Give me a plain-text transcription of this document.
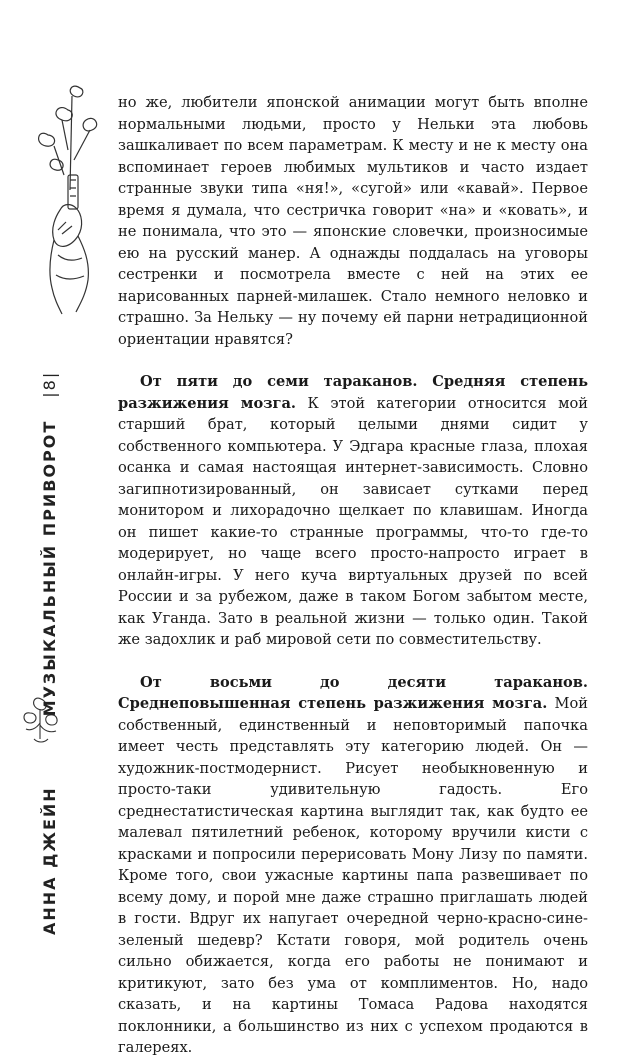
АННА ДЖЕЙНМУЗЫКАЛЬНЫЙ ПРИВОРОТ|8|

но же, любители японской анимации могут быть вполне нормальными людьми, просто у Нельки эта любовь зашкаливает по всем параметрам. К месту и не к месту она вспоминает героев любимых мультиков и часто издает странные звуки типа «ня!», «сугой» или «кавай». Первое время я думала, что сестричка говорит «на» и «ковать», и не понимала, что это — японские словечки, произносимые ею на русский манер. А однажды поддалась на уговоры сестренки и посмотрела вместе с ней на этих ее нарисованных парней-милашек. Стало немного неловко и страшно. За Нельку — ну почему ей парни нетрадиционной ориентации нравятся?

От пяти до семи тараканов. Средняя степень разжижения мозга. К этой категории относится мой старший брат, который целыми днями сидит у собственного компьютера. У Эдгара красные глаза, плохая осанка и самая настоящая интернет-зависимость. Словно загипнотизированный, он зависает сутками перед монитором и лихорадочно щелкает по клавишам. Иногда он пишет какие-то странные программы, что-то где-то модерирует, но чаще всего просто-напросто играет в онлайн-игры. У него куча виртуальных друзей по всей России и за рубежом, даже в таком Богом забытом месте, как Уганда. Зато в реальной жизни — только один. Такой же задохлик и раб мировой сети по совместительству.

От восьми до десяти тараканов. Среднеповышенная степень разжижения мозга. Мой собственный, единственный и неповторимый папочка имеет честь представлять эту категорию людей. Он — художник-постмодернист. Рисует необыкновенную и просто-таки удивительную гадость. Его среднестатистическая картина выглядит так, как будто ее малевал пятилетний ребенок, которому вручили кисти с красками и попросили перерисовать Мону Лизу по памяти. Кроме того, свои ужасные картины папа развешивает по всему дому, и порой мне даже страшно приглашать людей в гости. Вдруг их напугает очередной черно-красно-сине-зеленый шедевр? Кстати говоря, мой родитель очень сильно обижается, когда его работы не понимают и критикуют, зато без ума от комплиментов. Но, надо сказать, и на картины Томаса Радова находятся поклонники, а большинство из них с успехом продаются в галереях.
